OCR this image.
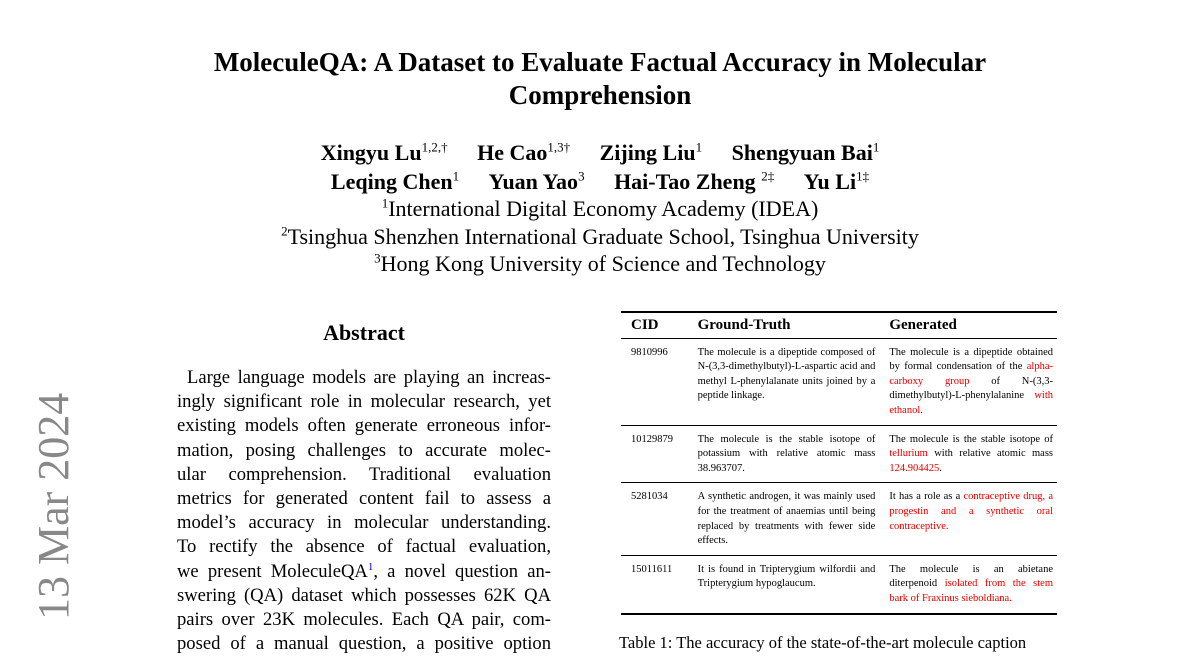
MoleculeQA: A Dataset to Evaluate Factual Accuracy in Molecular
Comprehension
Xingyu $Lu^{1,2,\dagger}$ He Cao$^{1,3\dagger}$ Zijing Liu$^1$ Shengyuan Bai$^1$
Leqing Chen$^1$ Yuan Yao$^3$ Hai-Tao Zheng $^{2\ddagger}$ Yu $Li^{1\ddagger}$
$^1$International Digital Economy Academy (IDEA)
$^2$Tsinghua Shenzhen International Graduate School, Tsinghua University
$^3$Hong Kong University of Science and Technology
13 Mar 2024
Abstract
Large language models are playing an increas-
ingly significant role in molecular research, yet
existing models often generate erroneous infor-
mation, posing challenges to accurate molec-
ular comprehension. Traditional evaluation
metrics for generated content fail to assess a
model’s accuracy in molecular understanding.
To rectify the absence of factual evaluation,
we present MoleculeQA$^1$, a novel question an-
swering (QA) dataset which possesses 62K QA
pairs over 23K molecules. Each QA pair, com-
posed of a manual question, a positive option
CID	Ground-Truth	Generated
9810996	The molecule is a dipeptide composed of N-(3,3-dimethylbutyl)-L-aspartic acid and methyl L-phenylalanate units joined by a peptide linkage.	The molecule is a dipeptide obtained by formal condensation of the alpha-carboxy group of N-(3,3-dimethylbutyl)-L-phenylalanine with ethanol.
10129879	The molecule is the stable isotope of potassium with relative atomic mass 38.963707.	The molecule is the stable isotope of tellurium with relative atomic mass 124.904425.
5281034	A synthetic androgen, it was mainly used for the treatment of anaemias until being replaced by treatments with fewer side effects.	It has a role as a contraceptive drug, a progestin and a synthetic oral contraceptive.
15011611	It is found in Tripterygium wilfordii and Tripterygium hypoglaucum.	The molecule is an abietane diterpenoid isolated from the stem bark of Fraxinus sieboldiana.
Table 1: The accuracy of the state-of-the-art molecule caption
